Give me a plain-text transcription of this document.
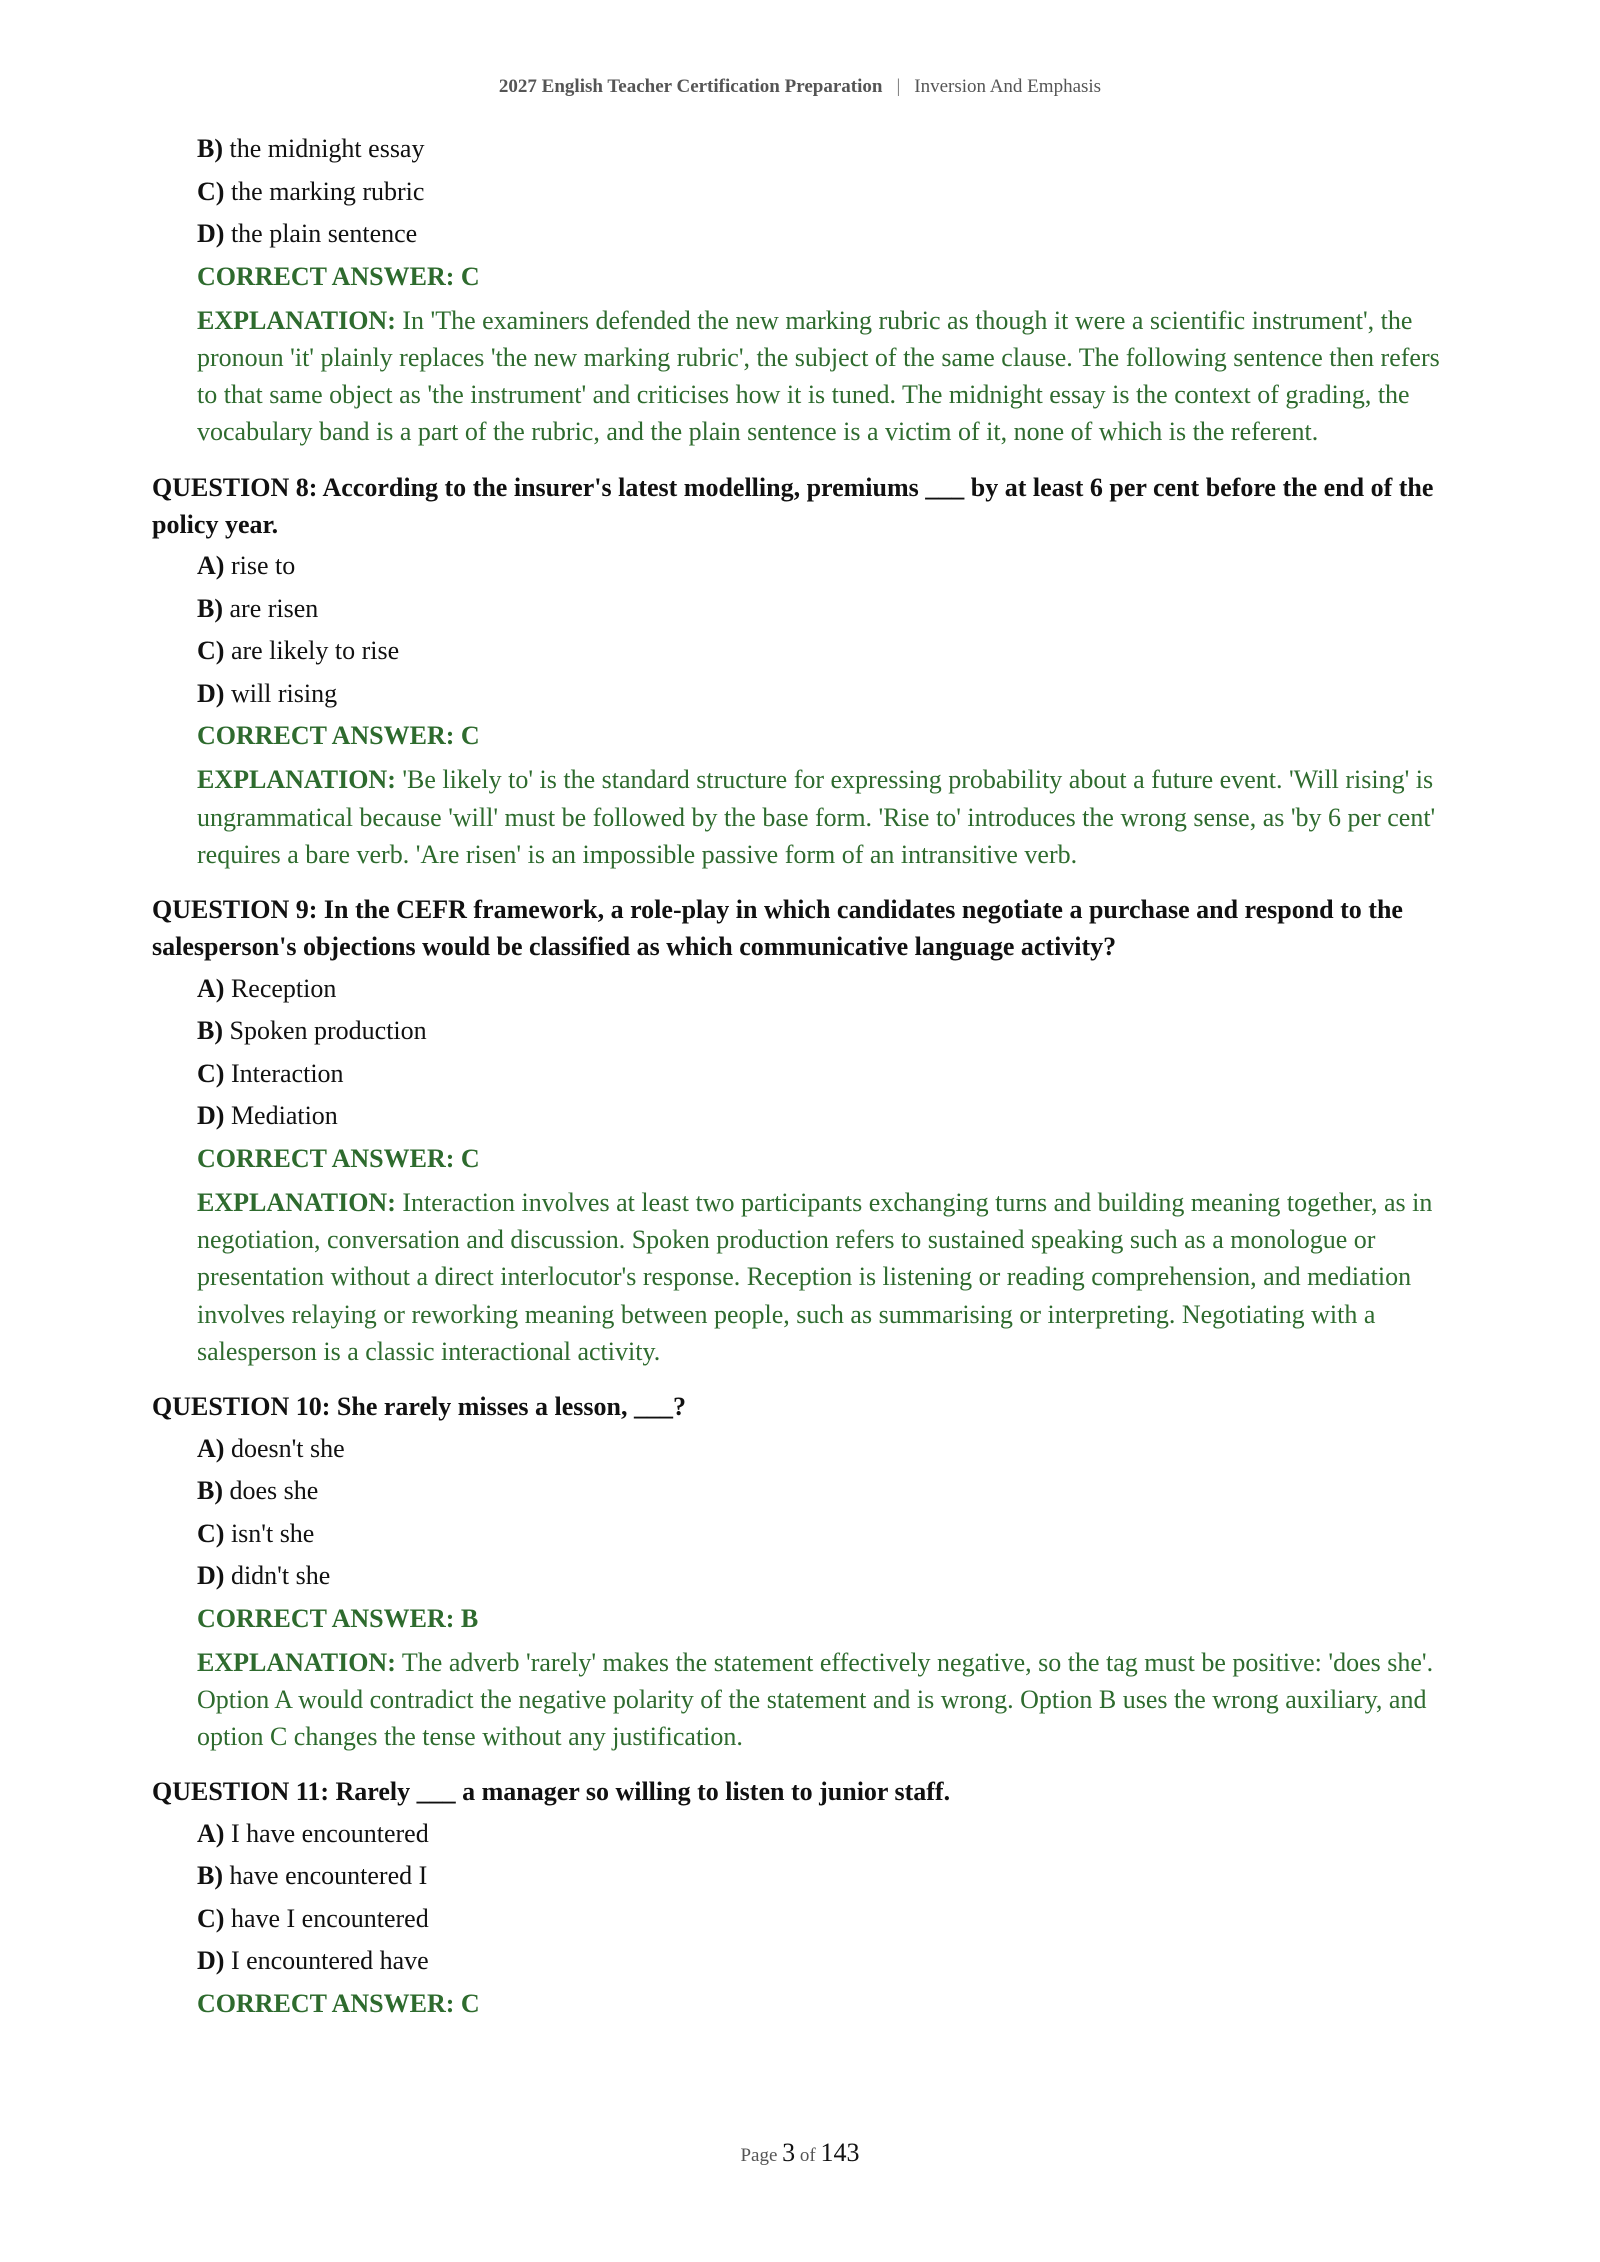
2027 English Teacher Certification Preparation | Inversion And Emphasis
B) the midnight essay
C) the marking rubric
D) the plain sentence
CORRECT ANSWER: C
EXPLANATION: In 'The examiners defended the new marking rubric as though it were a scientific instrument', the pronoun 'it' plainly replaces 'the new marking rubric', the subject of the same clause. The following sentence then refers to that same object as 'the instrument' and criticises how it is tuned. The midnight essay is the context of grading, the vocabulary band is a part of the rubric, and the plain sentence is a victim of it, none of which is the referent.
QUESTION 8: According to the insurer's latest modelling, premiums ___ by at least 6 per cent before the end of the policy year.
A) rise to
B) are risen
C) are likely to rise
D) will rising
CORRECT ANSWER: C
EXPLANATION: 'Be likely to' is the standard structure for expressing probability about a future event. 'Will rising' is ungrammatical because 'will' must be followed by the base form. 'Rise to' introduces the wrong sense, as 'by 6 per cent' requires a bare verb. 'Are risen' is an impossible passive form of an intransitive verb.
QUESTION 9: In the CEFR framework, a role-play in which candidates negotiate a purchase and respond to the salesperson's objections would be classified as which communicative language activity?
A) Reception
B) Spoken production
C) Interaction
D) Mediation
CORRECT ANSWER: C
EXPLANATION: Interaction involves at least two participants exchanging turns and building meaning together, as in negotiation, conversation and discussion. Spoken production refers to sustained speaking such as a monologue or presentation without a direct interlocutor's response. Reception is listening or reading comprehension, and mediation involves relaying or reworking meaning between people, such as summarising or interpreting. Negotiating with a salesperson is a classic interactional activity.
QUESTION 10: She rarely misses a lesson, ___?
A) doesn't she
B) does she
C) isn't she
D) didn't she
CORRECT ANSWER: B
EXPLANATION: The adverb 'rarely' makes the statement effectively negative, so the tag must be positive: 'does she'. Option A would contradict the negative polarity of the statement and is wrong. Option B uses the wrong auxiliary, and option C changes the tense without any justification.
QUESTION 11: Rarely ___ a manager so willing to listen to junior staff.
A) I have encountered
B) have encountered I
C) have I encountered
D) I encountered have
CORRECT ANSWER: C
Page 3 of 143
